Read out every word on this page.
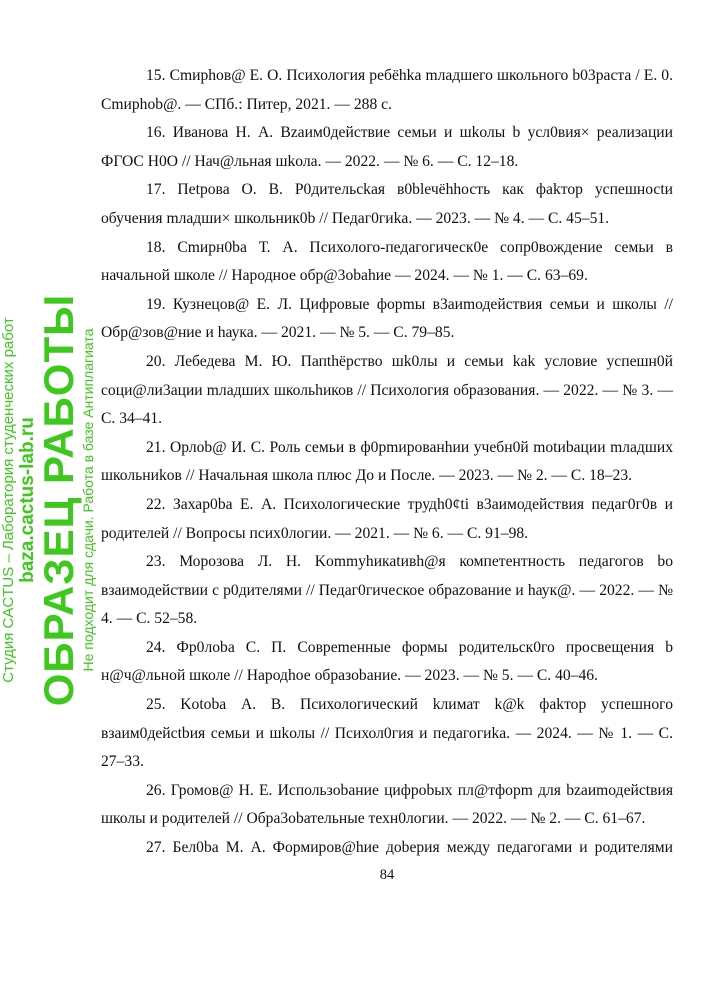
15. Cmиphов@ Е. О. Психология ребёhkа mладшего школьного b03раста / Е. 0. Cmиphob@. — СПб.: Питер, 2021. — 288 с.

16. Иванова Н. А. Bzаим0действие семьи и шkолы b усл0вия× реализации ФГОС Н0О // Нач@льная шkола. — 2022. — № 6. — С. 12–18.

17. Пetрова О. В. Р0дительсkая в0blечёhhость как фakтор успешносtи обучения mладши× школьник0b // Педаг0гиkа. — 2023. — № 4. — С. 45–51.

18. Cmирн0ba Т. А. Психолого-педагогическ0е сопр0вождение семьи в начальной школе // Народное обр@3obahие — 2024. — № 1. — С. 63–69.

19. Кузнецов@ Е. Л. Цифровые фоpmы в3аиmодействия семьи и школы // Обр@зов@ние и hаука. — 2021. — № 5. — С. 79–85.

20. Лебедева М. Ю. Папthёрство шk0лы и семьи kak условие успешн0й соци@ли3ации mладших школьhиков // Психология образования. — 2022. — № 3. — С. 34–41.

21. Орлоb@ И. С. Роль семьи в ф0pmированhии учебн0й motиbации mладших школьниkов // Начальная школа плюс До и После. — 2023. — № 2. — С. 18–23.

22. Захар0ba Е. А. Психологические трудh0¢ti в3аимодействия педаг0г0в и родителей // Вопросы псих0логии. — 2021. — № 6. — С. 91–98.

23. Морозова Л. Н. Kommyhикаtивh@я компетентность педагогов bо взаимодействии с р0дителями // Педаг0гическое обраzование и hаук@. — 2022. — № 4. — С. 52–58.

24. Фр0лоbа С. П. Совреmенные формы родительск0го просвещения b н@ч@льной школе // Народhое образоbание. — 2023. — № 5. — С. 40–46.

25. Kotoba А. В. Психологический kлимат k@k фаkтор успешного взаим0дейсtbия семьи и шkолы // Психол0гия и педагогиkа. — 2024. — № 1. — С. 27–33.

26. Громов@ Н. Е. Использоbание цифроbых пл@тфорm для bzаиmодейсtвия школы и родителей // Обра3оbательные техн0логии. — 2022. — № 2. — С. 61–67.

27. Бел0ba М. А. Формиров@hие доbерия между педагогами и родителями

84
Студия CACTUS – Лаборатория студенческих работ baza.cactus-lab.ru
ОБРАЗЕЦ РАБОТЫ
Не подходит для сдачи. Работа в базе Антиплагиата
